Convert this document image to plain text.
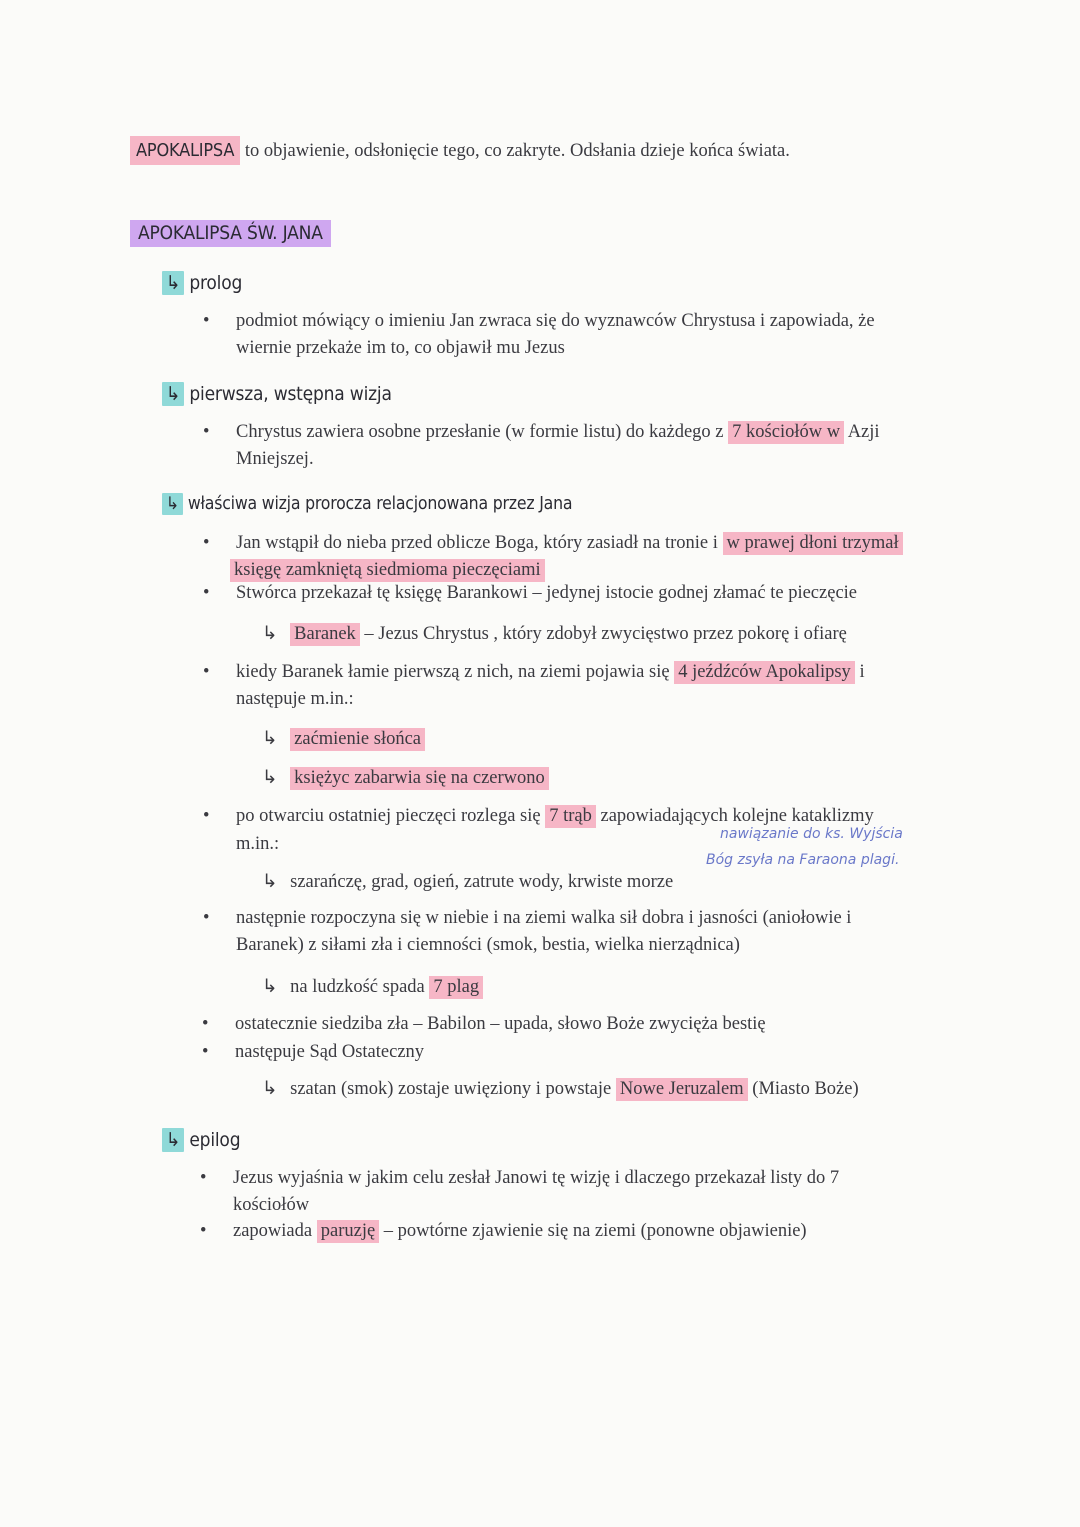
APOKALIPSA to objawienie, odsłonięcie tego, co zakryte. Odsłania dzieje końca świata.
APOKALIPSA ŚW. JANA
↳ prolog
• podmiot mówiący o imieniu Jan zwraca się do wyznawców Chrystusa i zapowiada, że
wiernie przekaże im to, co objawił mu Jezus
↳ pierwsza, wstępna wizja
• Chrystus zawiera osobne przesłanie (w formie listu) do każdego z 7 kościołów w Azji
Mniejszej.
↳ właściwa wizja prorocza relacjonowana przez Jana
• Jan wstąpił do nieba przed oblicze Boga, który zasiadł na tronie i w prawej dłoni trzymał
księgę zamkniętą siedmioma pieczęciami
• Stwórca przekazał tę księgę Barankowi – jedynej istocie godnej złamać te pieczęcie
↳ Baranek – Jezus Chrystus , który zdobył zwycięstwo przez pokorę i ofiarę
• kiedy Baranek łamie pierwszą z nich, na ziemi pojawia się 4 jeźdźców Apokalipsy i
następuje m.in.:
↳ zaćmienie słońca
↳ księżyc zabarwia się na czerwono
• po otwarciu ostatniej pieczęci rozlega się 7 trąb zapowiadających kolejne kataklizmy
m.in.:
↳ szarańczę, grad, ogień, zatrute wody, krwiste morze
nawiązanie do ks. Wyjścia
Bóg zsyła na Faraona plagi.
• następnie rozpoczyna się w niebie i na ziemi walka sił dobra i jasności (aniołowie i
Baranek) z siłami zła i ciemności (smok, bestia, wielka nierządnica)
↳ na ludzkość spada 7 plag
• ostatecznie siedziba zła – Babilon – upada, słowo Boże zwycięża bestię
• następuje Sąd Ostateczny
↳ szatan (smok) zostaje uwięziony i powstaje Nowe Jeruzalem (Miasto Boże)
↳ epilog
• Jezus wyjaśnia w jakim celu zesłał Janowi tę wizję i dlaczego przekazał listy do 7
kościołów
• zapowiada paruzję – powtórne zjawienie się na ziemi (ponowne objawienie)
